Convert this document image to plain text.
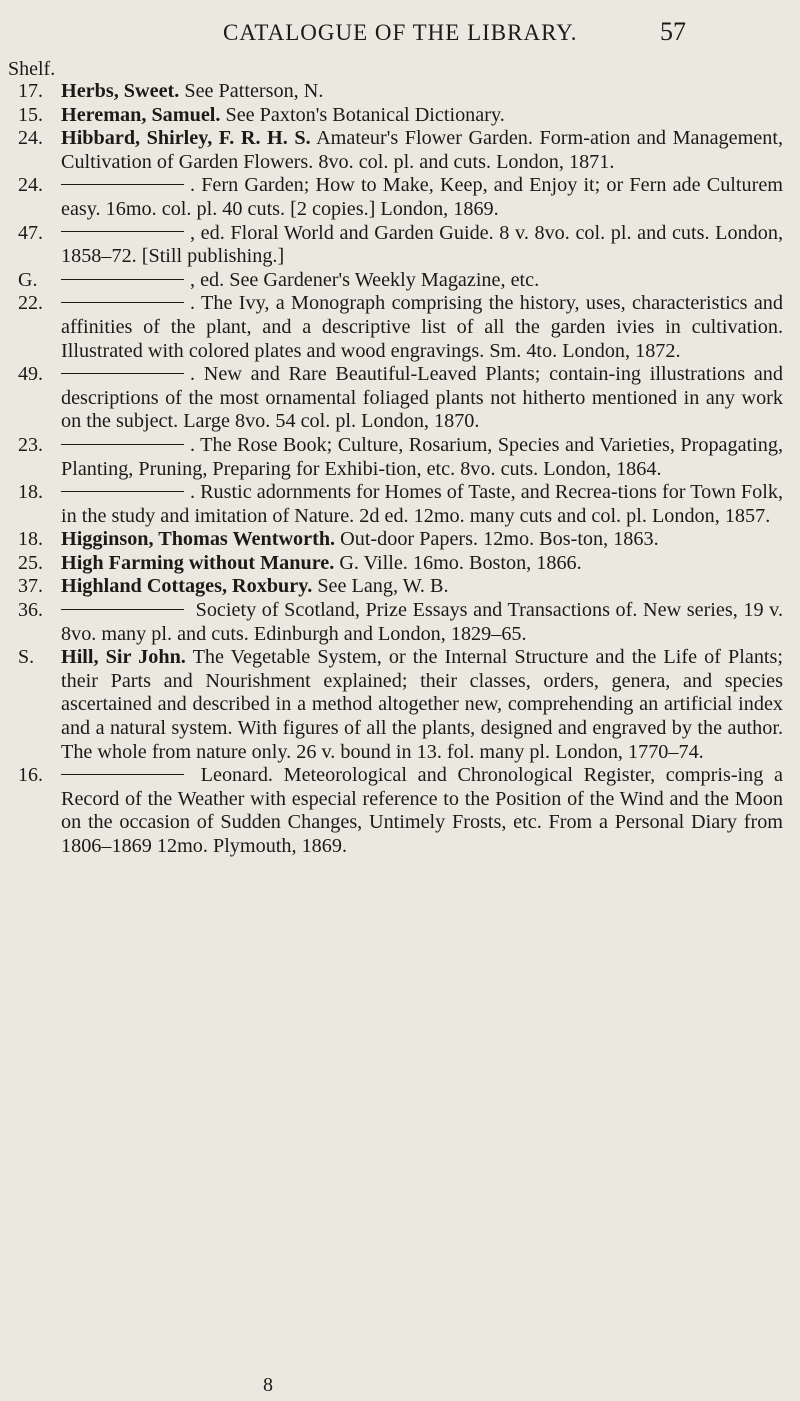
CATALOGUE OF THE LIBRARY.	57
Shelf.
17. Herbs, Sweet. See Patterson, N.
15. Hereman, Samuel. See Paxton's Botanical Dictionary.
24. Hibbard, Shirley, F. R. H. S. Amateur's Flower Garden. Form-ation and Management, Cultivation of Garden Flowers. 8vo. col. pl. and cuts. London, 1871.
24.	. Fern Garden; How to Make, Keep, and Enjoy it; or Fern ade Culturem easy. 16mo. col. pl. 40 cuts. [2 copies.] London, 1869.
47.	, ed. Floral World and Garden Guide. 8 v. 8vo. col. pl. and cuts. London, 1858–72. [Still publishing.]
G.	, ed. See Gardener's Weekly Magazine, etc.
22.	. The Ivy, a Monograph comprising the history, uses, characteristics and affinities of the plant, and a descriptive list of all the garden ivies in cultivation. Illustrated with colored plates and wood engravings. Sm. 4to. London, 1872.
49.	. New and Rare Beautiful-Leaved Plants; contain-ing illustrations and descriptions of the most ornamental foliaged plants not hitherto mentioned in any work on the subject. Large 8vo. 54 col. pl. London, 1870.
23.	. The Rose Book; Culture, Rosarium, Species and Varieties, Propagating, Planting, Pruning, Preparing for Exhibi-tion, etc. 8vo. cuts. London, 1864.
18.	. Rustic adornments for Homes of Taste, and Recrea-tions for Town Folk, in the study and imitation of Nature. 2d ed. 12mo. many cuts and col. pl. London, 1857.
18. Higginson, Thomas Wentworth. Out-door Papers. 12mo. Bos-ton, 1863.
25. High Farming without Manure. G. Ville. 16mo. Boston, 1866.
37. Highland Cottages, Roxbury. See Lang, W. B.
36.	Society of Scotland, Prize Essays and Transactions of. New series, 19 v. 8vo. many pl. and cuts. Edinburgh and London, 1829–65.
S.	Hill, Sir John. The Vegetable System, or the Internal Structure and the Life of Plants; their Parts and Nourishment explained; their classes, orders, genera, and species ascertained and described in a method altogether new, comprehending an artificial index and a natural system. With figures of all the plants, designed and engraved by the author. The whole from nature only. 26 v. bound in 13. fol. many pl. London, 1770–74.
16.	Leonard. Meteorological and Chronological Register, compris-ing a Record of the Weather with especial reference to the Position of the Wind and the Moon on the occasion of Sudden Changes, Untimely Frosts, etc. From a Personal Diary from 1806–1869 12mo. Plymouth, 1869.
8
